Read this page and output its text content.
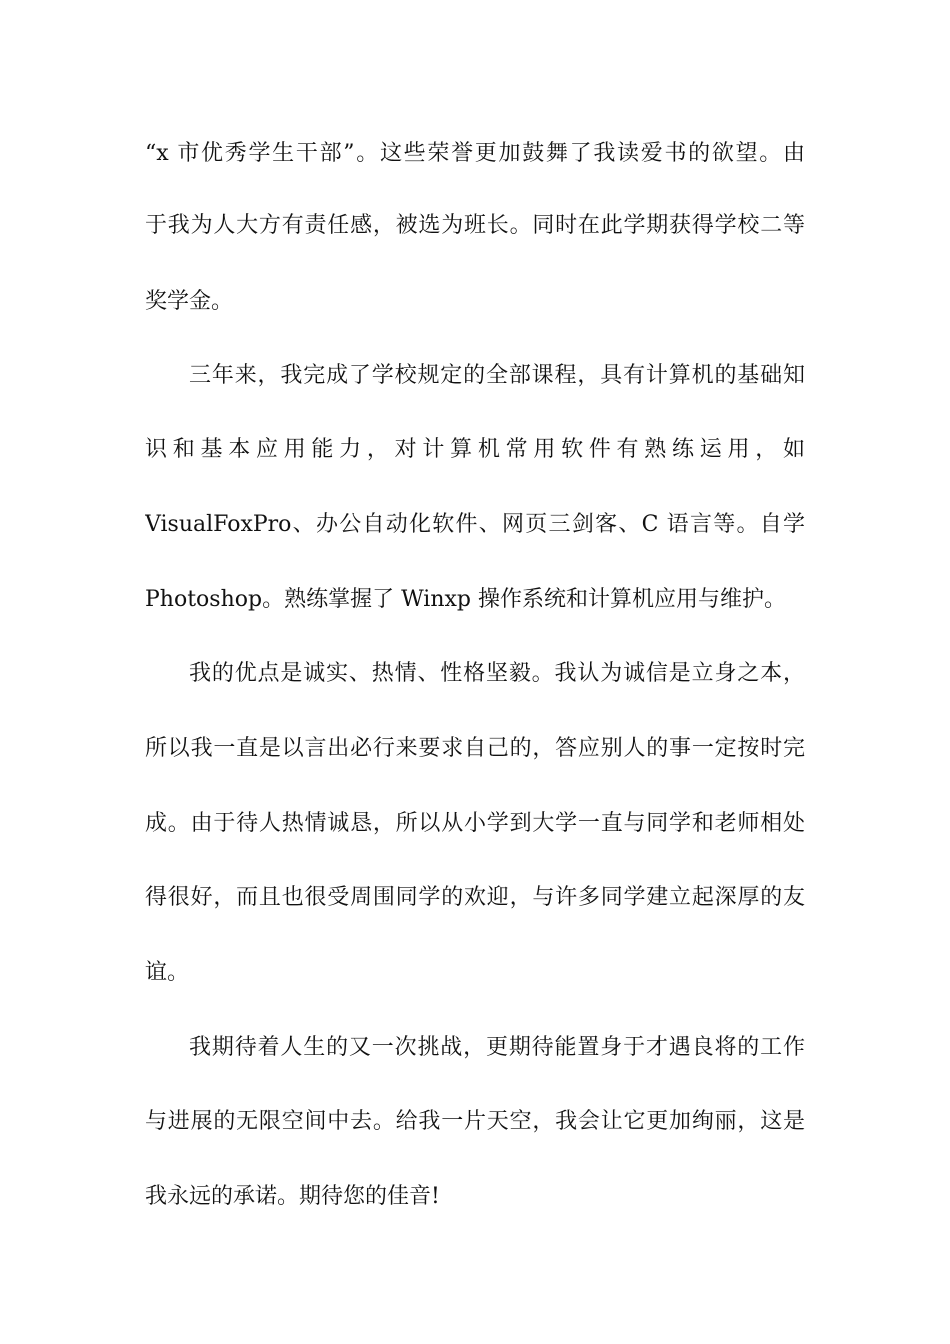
“x 市优秀学生干部”。这些荣誉更加鼓舞了我读爱书的欲望。由
于我为人大方有责任感，被选为班长。同时在此学期获得学校二等
奖学金。
三年来，我完成了学校规定的全部课程，具有计算机的基础知
识和基本应用能力，对计算机常用软件有熟练运用，如
VisualFoxPro、办公自动化软件、网页三剑客、C 语言等。自学
Photoshop。熟练掌握了 Winxp 操作系统和计算机应用与维护。
我的优点是诚实、热情、性格坚毅。我认为诚信是立身之本，
所以我一直是以言出必行来要求自己的，答应别人的事一定按时完
成。由于待人热情诚恳，所以从小学到大学一直与同学和老师相处
得很好，而且也很受周围同学的欢迎，与许多同学建立起深厚的友
谊。
我期待着人生的又一次挑战，更期待能置身于才遇良将的工作
与进展的无限空间中去。给我一片天空，我会让它更加绚丽，这是
我永远的承诺。期待您的佳音!
